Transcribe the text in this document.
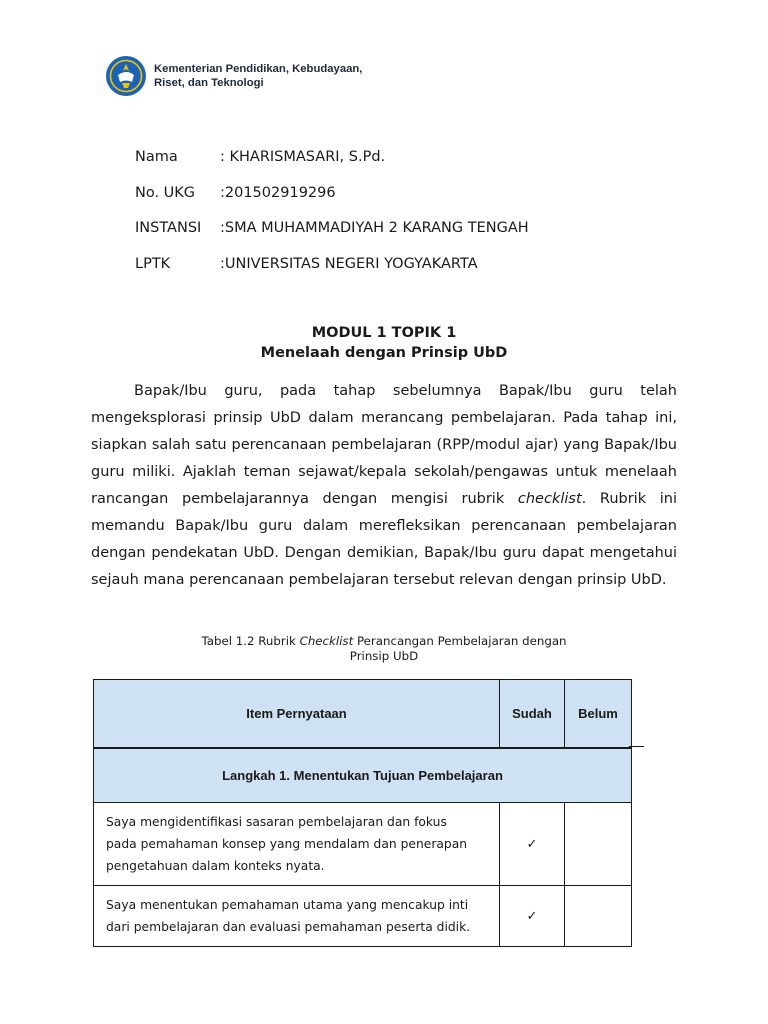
Kementerian Pendidikan, Kebudayaan,
Riset, dan Teknologi
Nama	: KHARISMASARI, S.Pd.
No. UKG	:201502919296
INSTANSI	:SMA MUHAMMADIYAH 2 KARANG TENGAH
LPTK	:UNIVERSITAS NEGERI YOGYAKARTA
MODUL 1 TOPIK 1
Menelaah dengan Prinsip UbD

Bapak/Ibu guru, pada tahap sebelumnya Bapak/Ibu guru telah mengeksplorasi prinsip UbD dalam merancang pembelajaran. Pada tahap ini, siapkan salah satu perencanaan pembelajaran (RPP/modul ajar) yang Bapak/Ibu guru miliki. Ajaklah teman sejawat/kepala sekolah/pengawas untuk menelaah rancangan pembelajarannya dengan mengisi rubrik checklist. Rubrik ini memandu Bapak/Ibu guru dalam merefleksikan perencanaan pembelajaran dengan pendekatan UbD. Dengan demikian, Bapak/Ibu guru dapat mengetahui sejauh mana perencanaan pembelajaran tersebut relevan dengan prinsip UbD.

Tabel 1.2 Rubrik Checklist Perancangan Pembelajaran dengan
Prinsip UbD
Item Pernyataan	Sudah	Belum
Langkah 1. Menentukan Tujuan Pembelajaran		

Saya mengidentifikasi sasaran pembelajaran dan fokus
pada pemahaman konsep yang mendalam dan penerapan
pengetahuan dalam konteks nyata.	✓	

Saya menentukan pemahaman utama yang mencakup inti
dari pembelajaran dan evaluasi pemahaman peserta didik.	✓	
